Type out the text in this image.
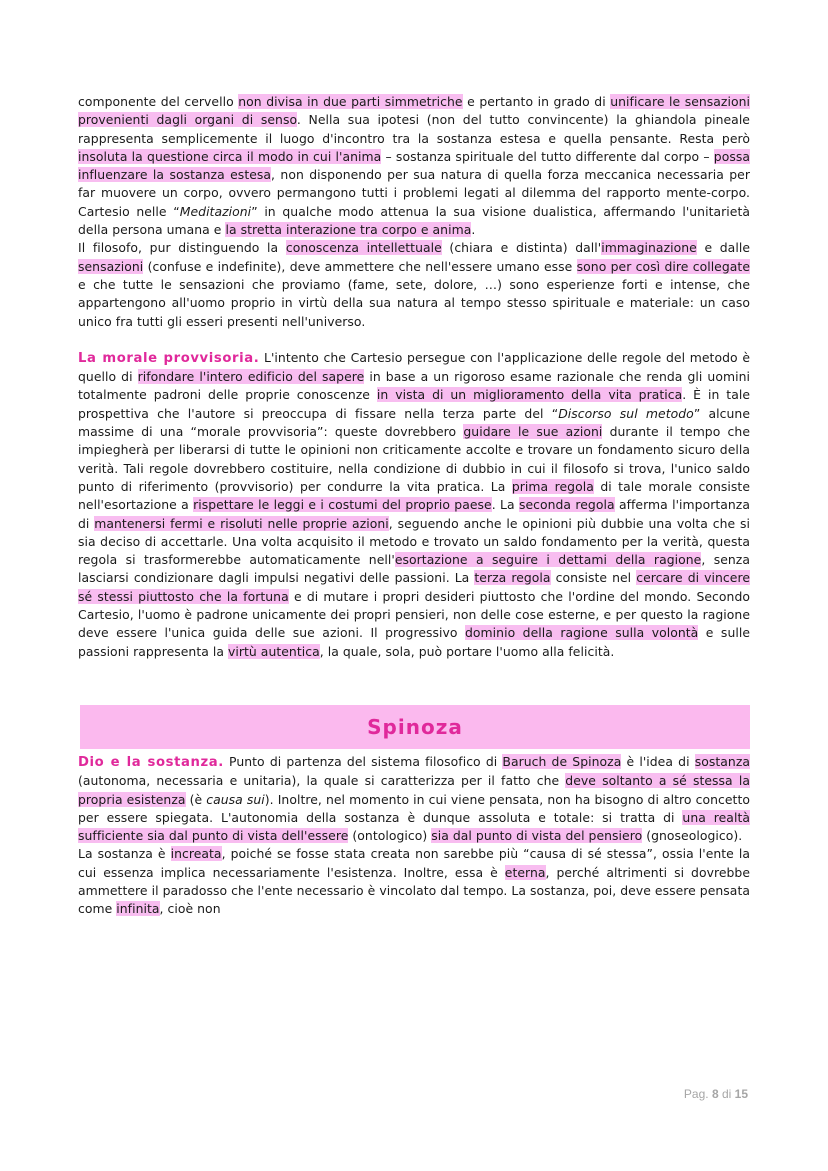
componente del cervello non divisa in due parti simmetriche e pertanto in grado di unificare le sensazioni provenienti dagli organi di senso. Nella sua ipotesi (non del tutto convincente) la ghiandola pineale rappresenta semplicemente il luogo d'incontro tra la sostanza estesa e quella pensante. Resta però insoluta la questione circa il modo in cui l'anima – sostanza spirituale del tutto differente dal corpo – possa influenzare la sostanza estesa, non disponendo per sua natura di quella forza meccanica necessaria per far muovere un corpo, ovvero permangono tutti i problemi legati al dilemma del rapporto mente-corpo. Cartesio nelle “Meditazioni” in qualche modo attenua la sua visione dualistica, affermando l'unitarietà della persona umana e la stretta interazione tra corpo e anima.

Il filosofo, pur distinguendo la conoscenza intellettuale (chiara e distinta) dall'immaginazione e dalle sensazioni (confuse e indefinite), deve ammettere che nell'essere umano esse sono per così dire collegate e che tutte le sensazioni che proviamo (fame, sete, dolore, …) sono esperienze forti e intense, che appartengono all'uomo proprio in virtù della sua natura al tempo stesso spirituale e materiale: un caso unico fra tutti gli esseri presenti nell'universo.

La morale provvisoria. L'intento che Cartesio persegue con l'applicazione delle regole del metodo è quello di rifondare l'intero edificio del sapere in base a un rigoroso esame razionale che renda gli uomini totalmente padroni delle proprie conoscenze in vista di un miglioramento della vita pratica. È in tale prospettiva che l'autore si preoccupa di fissare nella terza parte del “Discorso sul metodo” alcune massime di una “morale provvisoria”: queste dovrebbero guidare le sue azioni durante il tempo che impiegherà per liberarsi di tutte le opinioni non criticamente accolte e trovare un fondamento sicuro della verità. Tali regole dovrebbero costituire, nella condizione di dubbio in cui il filosofo si trova, l'unico saldo punto di riferimento (provvisorio) per condurre la vita pratica. La prima regola di tale morale consiste nell'esortazione a rispettare le leggi e i costumi del proprio paese. La seconda regola afferma l'importanza di mantenersi fermi e risoluti nelle proprie azioni, seguendo anche le opinioni più dubbie una volta che si sia deciso di accettarle. Una volta acquisito il metodo e trovato un saldo fondamento per la verità, questa regola si trasformerebbe automaticamente nell'esortazione a seguire i dettami della ragione, senza lasciarsi condizionare dagli impulsi negativi delle passioni. La terza regola consiste nel cercare di vincere sé stessi piuttosto che la fortuna e di mutare i propri desideri piuttosto che l'ordine del mondo. Secondo Cartesio, l'uomo è padrone unicamente dei propri pensieri, non delle cose esterne, e per questo la ragione deve essere l'unica guida delle sue azioni. Il progressivo dominio della ragione sulla volontà e sulle passioni rappresenta la virtù autentica, la quale, sola, può portare l'uomo alla felicità.

Spinoza

Dio e la sostanza. Punto di partenza del sistema filosofico di Baruch de Spinoza è l'idea di sostanza (autonoma, necessaria e unitaria), la quale si caratterizza per il fatto che deve soltanto a sé stessa la propria esistenza (è causa sui). Inoltre, nel momento in cui viene pensata, non ha bisogno di altro concetto per essere spiegata. L'autonomia della sostanza è dunque assoluta e totale: si tratta di una realtà sufficiente sia dal punto di vista dell'essere (ontologico) sia dal punto di vista del pensiero (gnoseologico).

La sostanza è increata, poiché se fosse stata creata non sarebbe più “causa di sé stessa”, ossia l'ente la cui essenza implica necessariamente l'esistenza. Inoltre, essa è eterna, perché altrimenti si dovrebbe ammettere il paradosso che l'ente necessario è vincolato dal tempo. La sostanza, poi, deve essere pensata come infinita, cioè non

Pag. 8 di 15
